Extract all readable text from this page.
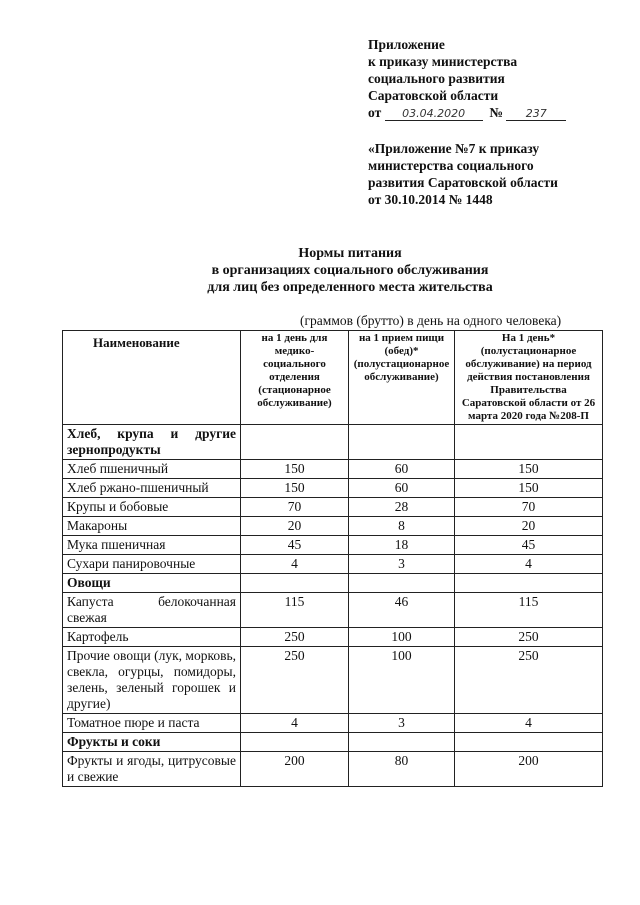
Приложение
к приказу министерства
социального развития
Саратовской области
от
	03.04.2020
	№
	237
«Приложение №7 к приказу
министерства социального
развития Саратовской области
от 30.10.2014 № 1448
Нормы питания
в организациях социального обслуживания
для лиц без определенного места жительства
(граммов (брутто) в день на одного человека)
Наименование	на 1 день для медико-социального отделения (стационарное обслуживание)	на 1 прием пищи (обед)* (полустационарное обслуживание)	На 1 день* (полустационарное обслуживание) на период действия постановления Правительства Саратовской области от 26 марта 2020 года №208-П
Хлеб, крупа и другие зернопродукты			
Хлеб пшеничный	150	60	150
Хлеб ржано-пшеничный	150	60	150
Крупы и бобовые	70	28	70
Макароны	20	8	20
Мука пшеничная	45	18	45
Сухари панировочные	4	3	4
Овощи			
Капуста белокочанная свежая	115	46	115
Картофель	250	100	250
Прочие овощи (лук, морковь, свекла, огурцы, помидоры, зелень, зеленый горошек и другие)	250	100	250
Томатное пюре и паста	4	3	4
Фрукты и соки			
Фрукты и ягоды, цитрусовые и свежие	200	80	200
